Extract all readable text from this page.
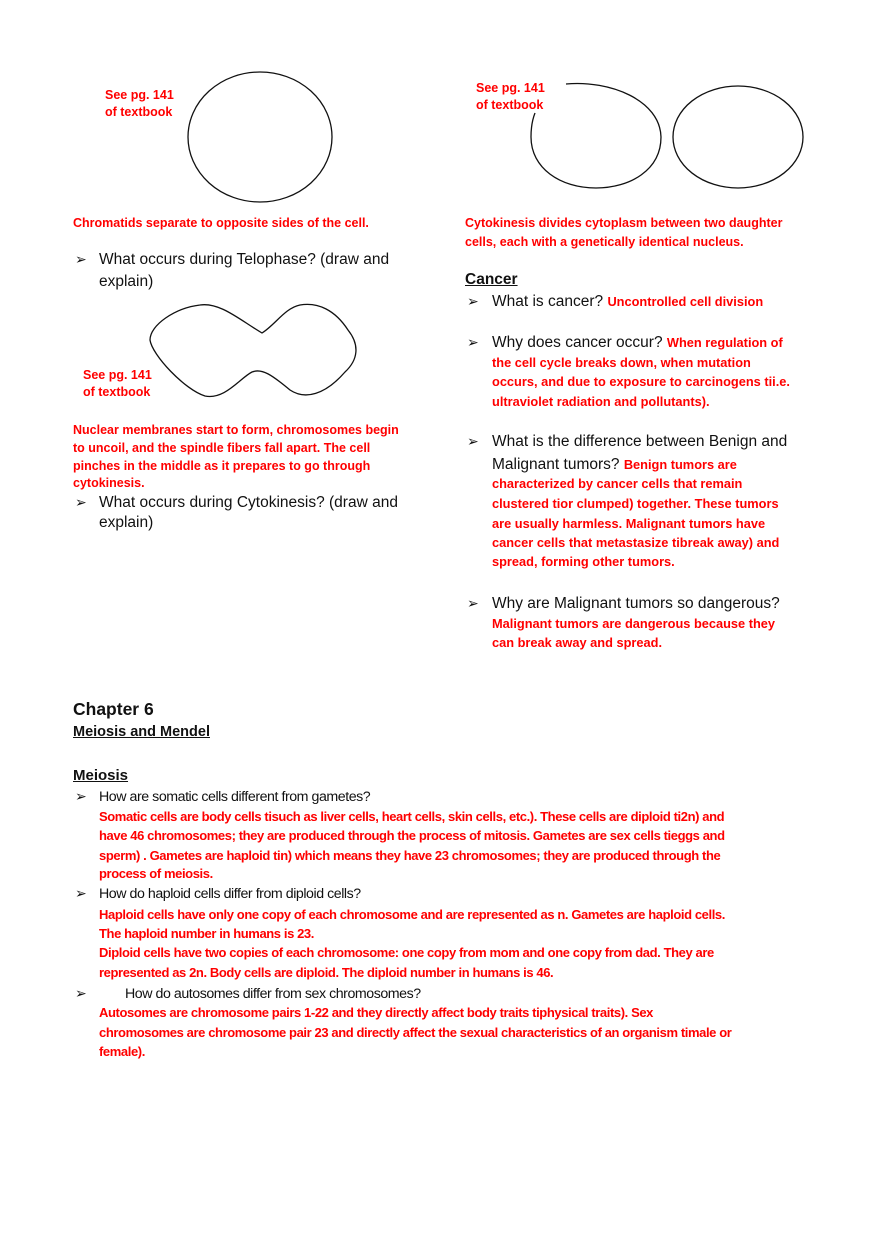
See pg. 141
of textbook
Chromatids separate to opposite sides of the cell.
➢ What occurs during Telophase? (draw and
explain)
See pg. 141
of textbook
Nuclear membranes start to form, chromosomes begin
to uncoil, and the spindle fibers fall apart. The cell
pinches in the middle as it prepares to go through
cytokinesis.
➢ What occurs during Cytokinesis? (draw and
explain)
See pg. 141
of textbook
Cytokinesis divides cytoplasm between two daughter
cells, each with a genetically identical nucleus.
Cancer
➢ What is cancer? Uncontrolled cell division
➢ Why does cancer occur? When regulation of
the cell cycle breaks down, when mutation
occurs, and due to exposure to carcinogens tii.e.
ultraviolet radiation and pollutants).
➢ What is the difference between Benign and
Malignant tumors? Benign tumors are
characterized by cancer cells that remain
clustered tior clumped) together. These tumors
are usually harmless. Malignant tumors have
cancer cells that metastasize tibreak away) and
spread, forming other tumors.
➢ Why are Malignant tumors so dangerous?
Malignant tumors are dangerous because they
can break away and spread.
Chapter 6
Meiosis and Mendel
Meiosis
➢ How are somatic cells different from gametes?
Somatic cells are body cells tisuch as liver cells, heart cells, skin cells, etc.). These cells are diploid ti2n) and
have 46 chromosomes; they are produced through the process of mitosis. Gametes are sex cells tieggs and
sperm) . Gametes are haploid tin) which means they have 23 chromosomes; they are produced through the
process of meiosis.
➢ How do haploid cells differ from diploid cells?
Haploid cells have only one copy of each chromosome and are represented as n. Gametes are haploid cells.
The haploid number in humans is 23.
Diploid cells have two copies of each chromosome: one copy from mom and one copy from dad. They are
represented as 2n. Body cells are diploid. The diploid number in humans is 46.
➢	How do autosomes differ from sex chromosomes?
Autosomes are chromosome pairs 1-22 and they directly affect body traits tiphysical traits). Sex
chromosomes are chromosome pair 23 and directly affect the sexual characteristics of an organism timale or
female).
